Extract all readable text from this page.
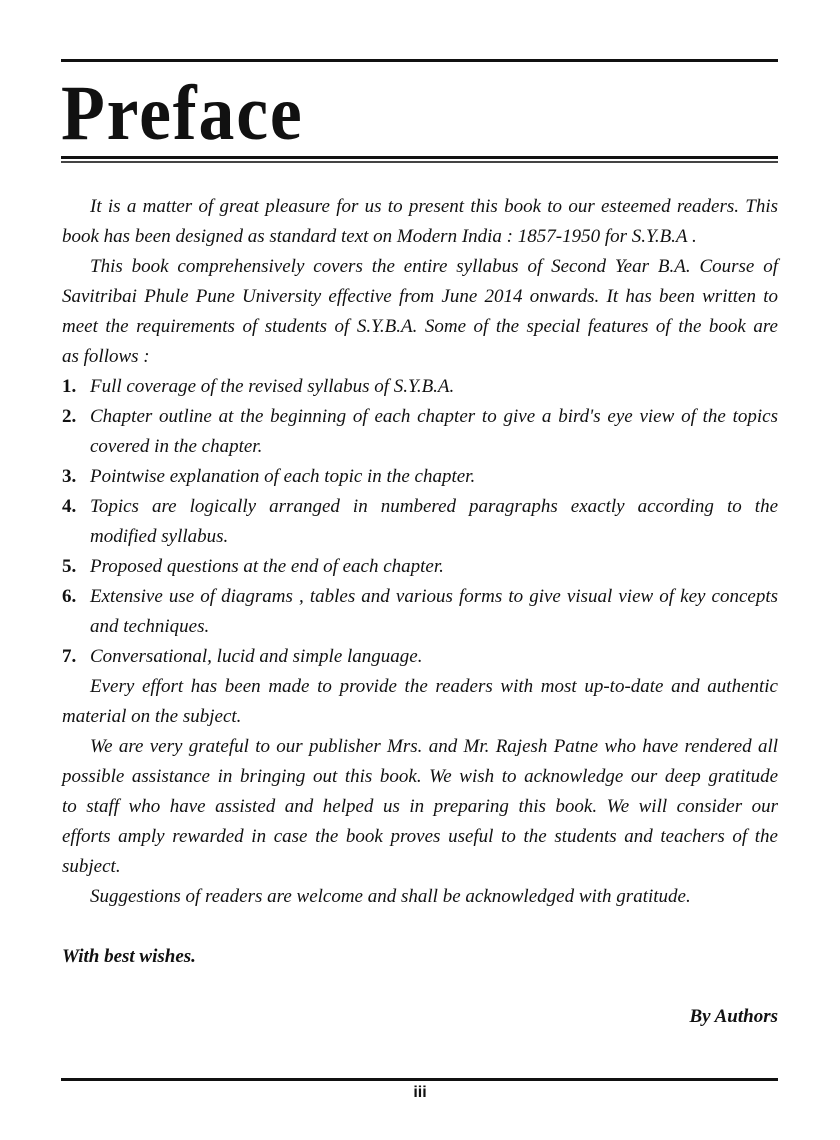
Preface
It is a matter of great pleasure for us to present this book to our esteemed readers. This
book has been designed as standard text on Modern India : 1857-1950 for S.Y.B.A .
This book comprehensively covers the entire syllabus of Second Year B.A. Course of
Savitribai Phule Pune University effective from June 2014 onwards. It has been written to
meet the requirements of students of S.Y.B.A. Some of the special features of the book are
as follows :
1. Full coverage of the revised syllabus of S.Y.B.A.
2. Chapter outline at the beginning of each chapter to give a bird's eye view of the topics
covered in the chapter.
3. Pointwise explanation of each topic in the chapter.
4. Topics are logically arranged in numbered paragraphs exactly according to the
modified syllabus.
5. Proposed questions at the end of each chapter.
6. Extensive use of diagrams , tables and various forms to give visual view of key concepts
and techniques.
7. Conversational, lucid and simple language.
Every effort has been made to provide the readers with most up-to-date and authentic
material on the subject.
We are very grateful to our publisher Mrs. and Mr. Rajesh Patne who have rendered all
possible assistance in bringing out this book. We wish to acknowledge our deep gratitude
to staff who have assisted and helped us in preparing this book. We will consider our
efforts amply rewarded in case the book proves useful to the students and teachers of the
subject.
Suggestions of readers are welcome and shall be acknowledged with gratitude.
With best wishes.
By Authors
iii
